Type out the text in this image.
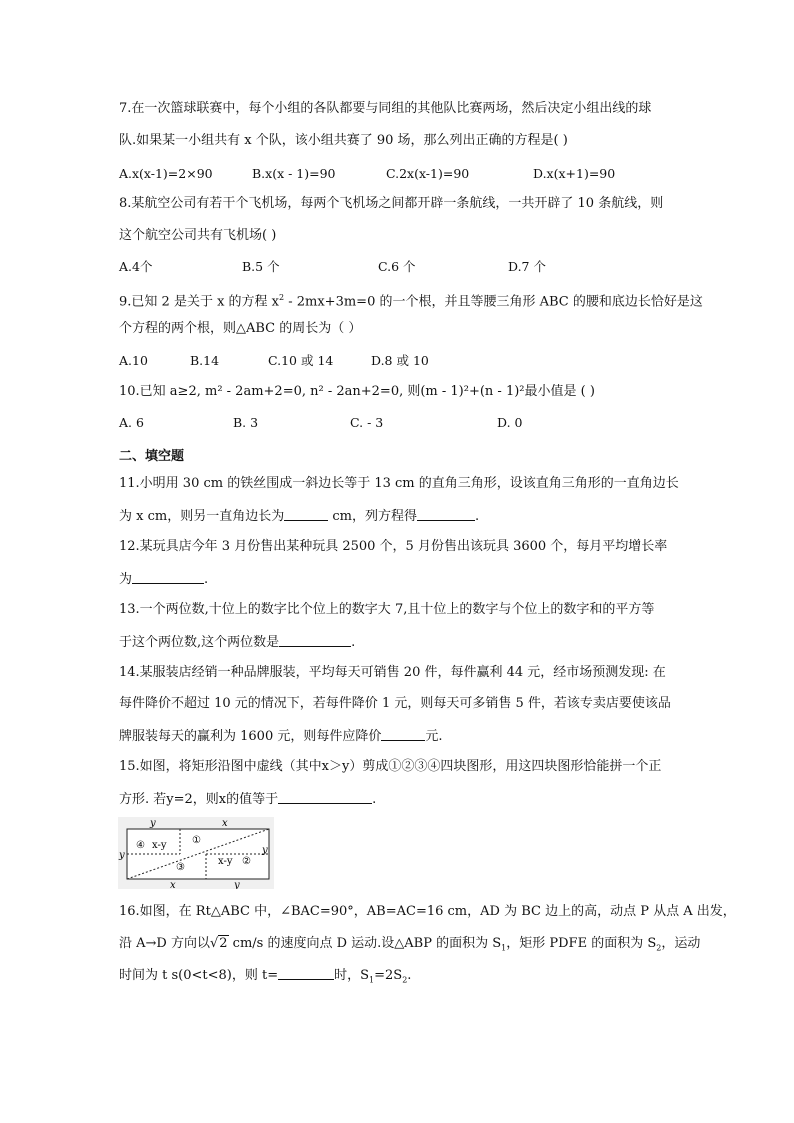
7.在一次篮球联赛中，每个小组的各队都要与同组的其他队比赛两场，然后决定小组出线的球
队.如果某一小组共有 x 个队，该小组共赛了 90 场，那么列出正确的方程是( )
A.x(x-1)=2×90	B.x(x - 1)=90	C.2x(x-1)=90	D.x(x+1)=90
8.某航空公司有若干个飞机场，每两个飞机场之间都开辟一条航线，一共开辟了 10 条航线，则
这个航空公司共有飞机场( )
A.4个	B.5 个	C.6 个	D.7 个
9.已知 2 是关于 x 的方程 $x^2 - 2mx+3m=0$ 的一个根，并且等腰三角形 ABC 的腰和底边长恰好是这
个方程的两个根，则△ABC 的周长为（ ）
A.10	B.14	C.10 或 14	D.8 或 10
10.已知 a≥2, m² - 2am+2=0, n² - 2an+2=0, 则(m - 1)²+(n - 1)²最小值是 ( )
A. 6	B. 3	C. - 3	D. 0
二、填空题
11.小明用 30 cm 的铁丝围成一斜边长等于 13 cm 的直角三角形，设该直角三角形的一直角边长
为 x cm，则另一直角边长为	cm，列方程得	.
12.某玩具店今年 3 月份售出某种玩具 2500 个，5 月份售出该玩具 3600 个，每月平均增长率
为	.
13.一个两位数,十位上的数字比个位上的数字大 7,且十位上的数字与个位上的数字和的平方等
于这个两位数,这个两位数是	.
14.某服装店经销一种品牌服装，平均每天可销售 20 件，每件赢利 44 元，经市场预测发现: 在
每件降价不超过 10 元的情况下，若每件降价 1 元，则每天可多销售 5 件，若该专卖店要使该品
牌服装每天的赢利为 1600 元，则每件应降价	元.
15.如图，将矩形沿图中虚线（其中x＞y）剪成①②③④四块图形，用这四块图形恰能拼一个正
方形. 若y=2，则x的值等于	.
y	x
x	y
y	y
④ x-y	①
③
x-y ②
16.如图，在 Rt△ABC 中，∠BAC=90°，AB=AC=16 cm，AD 为 BC 边上的高，动点 P 从点 A 出发，
沿 A→D 方向以√2 cm/s 的速度向点 D 运动.设△ABP 的面积为 $S_1$，矩形 PDFE 的面积为 $S_2$，运动
时间为 t s(0<t<8)，则 t=	时，$S_1=2S_2$.
